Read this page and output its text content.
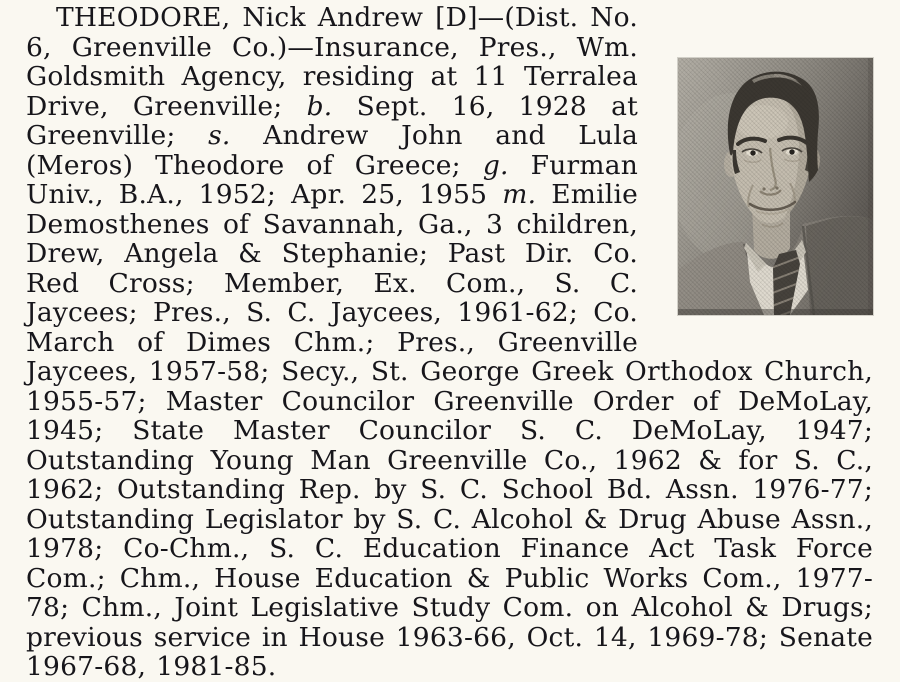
THEODORE, Nick Andrew [D]—(Dist. No. 6, Greenville Co.)—Insurance, Pres., Wm. Goldsmith Agency, residing at 11 Terralea Drive, Greenville; b. Sept. 16, 1928 at Greenville; s. Andrew John and Lula (Meros) Theodore of Greece; g. Furman Univ., B.A., 1952; Apr. 25, 1955 m. Emilie Demosthenes of Savannah, Ga., 3 children, Drew, Angela & Stephanie; Past Dir. Co. Red Cross; Member, Ex. Com., S. C. Jaycees; Pres., S. C. Jaycees, 1961-62; Co. March of Dimes Chm.; Pres., Greenville Jaycees, 1957-58; Secy., St. George Greek Orthodox Church, 1955-57; Master Councilor Greenville Order of DeMoLay, 1945; State Master Councilor S. C. DeMoLay, 1947; Outstanding Young Man Greenville Co., 1962 & for S. C., 1962; Outstanding Rep. by S. C. School Bd. Assn. 1976-77; Outstanding Legislator by S. C. Alcohol & Drug Abuse Assn., 1978; Co-Chm., S. C. Education Finance Act Task Force Com.; Chm., House Education & Public Works Com., 1977-78; Chm., Joint Legislative Study Com. on Alcohol & Drugs; previous service in House 1963-66, Oct. 14, 1969-78; Senate 1967-68, 1981-85.
